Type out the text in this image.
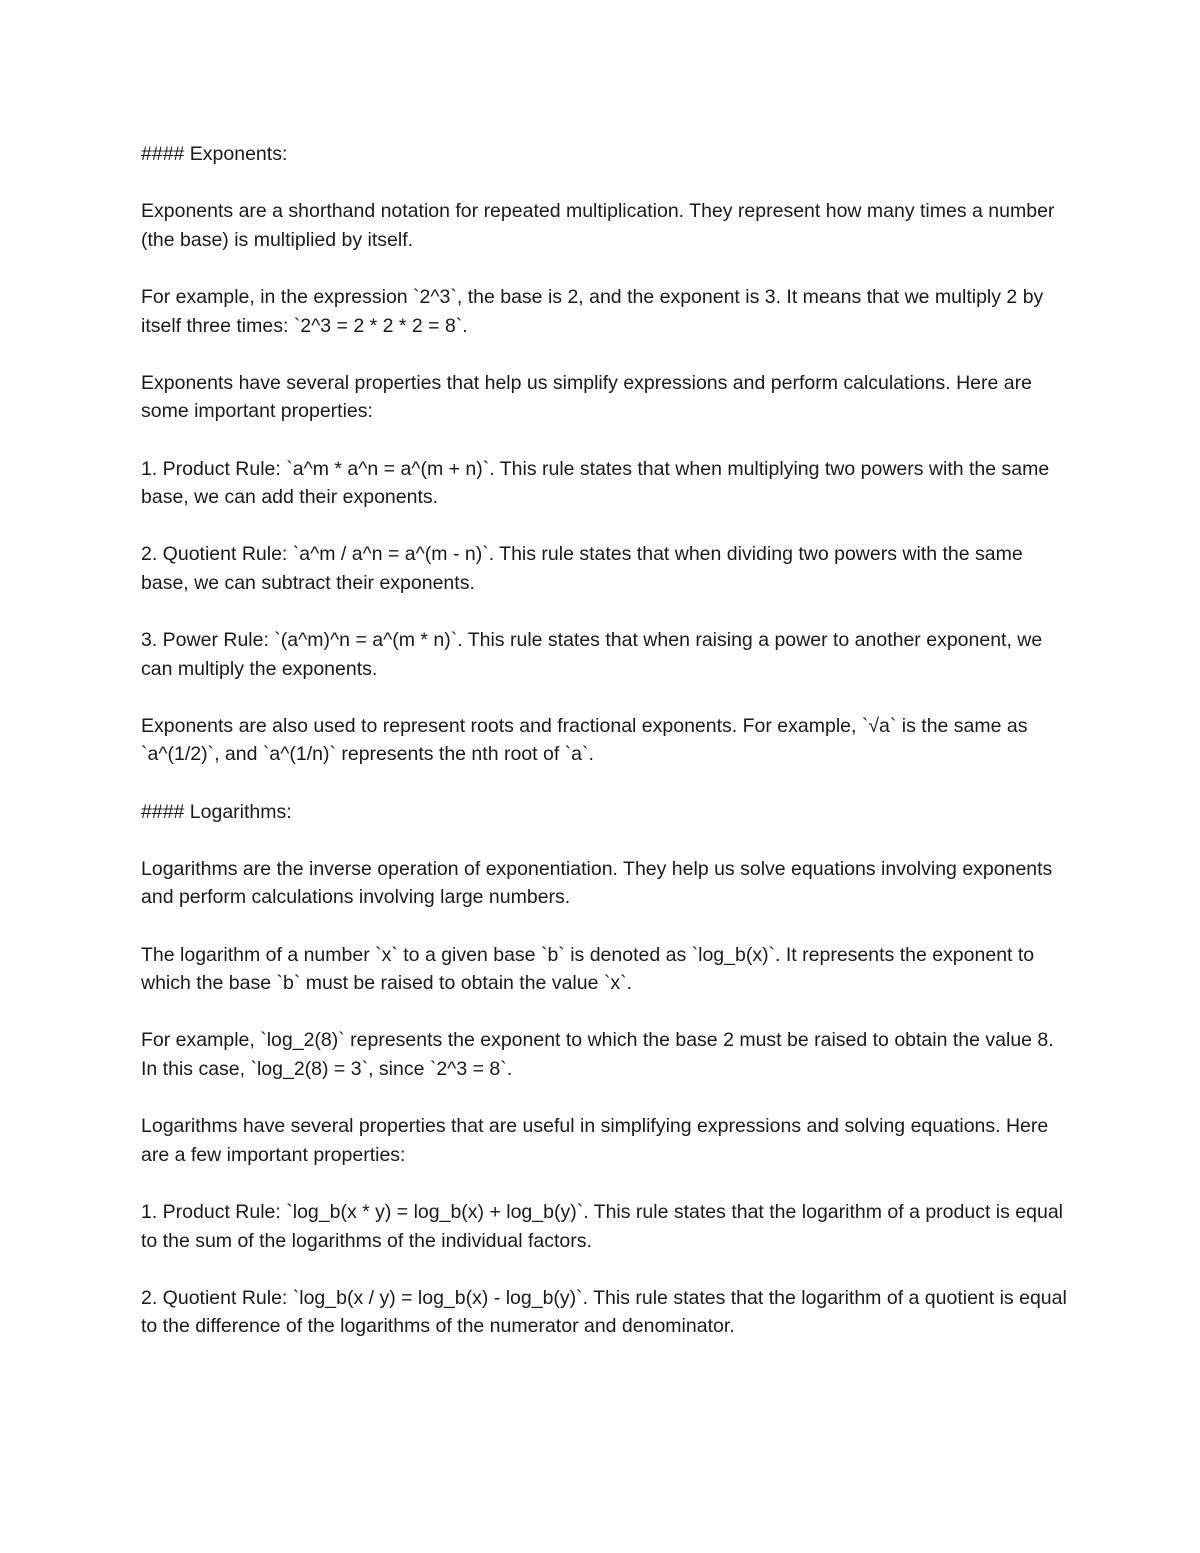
#### Exponents:

Exponents are a shorthand notation for repeated multiplication. They represent how many times a number (the base) is multiplied by itself.

For example, in the expression `2^3`, the base is 2, and the exponent is 3. It means that we multiply 2 by itself three times: `2^3 = 2 * 2 * 2 = 8`.

Exponents have several properties that help us simplify expressions and perform calculations. Here are some important properties:

1. Product Rule: `a^m * a^n = a^(m + n)`. This rule states that when multiplying two powers with the same base, we can add their exponents.

2. Quotient Rule: `a^m / a^n = a^(m - n)`. This rule states that when dividing two powers with the same base, we can subtract their exponents.

3. Power Rule: `(a^m)^n = a^(m * n)`. This rule states that when raising a power to another exponent, we can multiply the exponents.

Exponents are also used to represent roots and fractional exponents. For example, `√a` is the same as `a^(1/2)`, and `a^(1/n)` represents the nth root of `a`.

#### Logarithms:

Logarithms are the inverse operation of exponentiation. They help us solve equations involving exponents and perform calculations involving large numbers.

The logarithm of a number `x` to a given base `b` is denoted as `log_b(x)`. It represents the exponent to which the base `b` must be raised to obtain the value `x`.

For example, `log_2(8)` represents the exponent to which the base 2 must be raised to obtain the value 8. In this case, `log_2(8) = 3`, since `2^3 = 8`.

Logarithms have several properties that are useful in simplifying expressions and solving equations. Here are a few important properties:

1. Product Rule: `log_b(x * y) = log_b(x) + log_b(y)`. This rule states that the logarithm of a product is equal to the sum of the logarithms of the individual factors.

2. Quotient Rule: `log_b(x / y) = log_b(x) - log_b(y)`. This rule states that the logarithm of a quotient is equal to the difference of the logarithms of the numerator and denominator.
